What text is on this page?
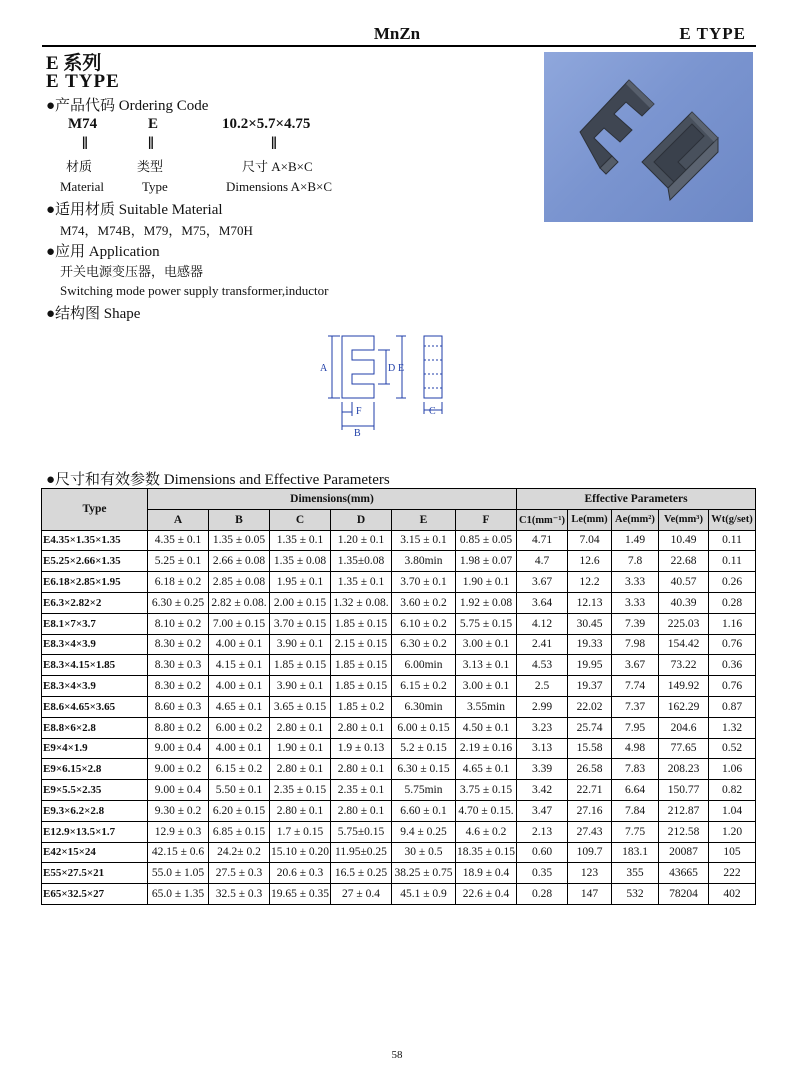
MnZn	E TYPE
E 系列
E TYPE
●产品代码 Ordering Code
M74	E	10.2×5.7×4.75
‖	‖	‖
材质	类型	尺寸 A×B×C
Material	Type	Dimensions A×B×C
●适用材质 Suitable Material
M74，M74B，M79，M75，M70H
●应用 Application
开关电源变压器，电感器
Switching mode power supply transformer,inductor
●结构图 Shape
A
B
C
D E
F
●尺寸和有效参数 Dimensions and Effective Parameters
Type	Dimensions(mm)						Effective Parameters				
	A	B	C	D	E	F	C1(mm⁻¹)	Le(mm)	Ae(mm²)	Ve(mm³)	Wt(g/set)
E4.35×1.35×1.35	4.35 ± 0.1	1.35 ± 0.05	1.35 ± 0.1	1.20 ± 0.1	3.15 ± 0.1	0.85 ± 0.05	4.71	7.04	1.49	10.49	0.11
E5.25×2.66×1.35	5.25 ± 0.1	2.66 ± 0.08	1.35 ± 0.08	1.35±0.08	3.80min	1.98 ± 0.07	4.7	12.6	7.8	22.68	0.11
E6.18×2.85×1.95	6.18 ± 0.2	2.85 ± 0.08	1.95 ± 0.1	1.35 ± 0.1	3.70 ± 0.1	1.90 ± 0.1	3.67	12.2	3.33	40.57	0.26
E6.3×2.82×2	6.30 ± 0.25	2.82 ± 0.08.	2.00 ± 0.15	1.32 ± 0.08.	3.60 ± 0.2	1.92 ± 0.08	3.64	12.13	3.33	40.39	0.28
E8.1×7×3.7	8.10 ± 0.2	7.00 ± 0.15	3.70 ± 0.15	1.85 ± 0.15	6.10 ± 0.2	5.75 ± 0.15	4.12	30.45	7.39	225.03	1.16
E8.3×4×3.9	8.30 ± 0.2	4.00 ± 0.1	3.90 ± 0.1	2.15 ± 0.15	6.30 ± 0.2	3.00 ± 0.1	2.41	19.33	7.98	154.42	0.76
E8.3×4.15×1.85	8.30 ± 0.3	4.15 ± 0.1	1.85 ± 0.15	1.85 ± 0.15	6.00min	3.13 ± 0.1	4.53	19.95	3.67	73.22	0.36
E8.3×4×3.9	8.30 ± 0.2	4.00 ± 0.1	3.90 ± 0.1	1.85 ± 0.15	6.15 ± 0.2	3.00 ± 0.1	2.5	19.37	7.74	149.92	0.76
E8.6×4.65×3.65	8.60 ± 0.3	4.65 ± 0.1	3.65 ± 0.15	1.85 ± 0.2	6.30min	3.55min	2.99	22.02	7.37	162.29	0.87
E8.8×6×2.8	8.80 ± 0.2	6.00 ± 0.2	2.80 ± 0.1	2.80 ± 0.1	6.00 ± 0.15	4.50 ± 0.1	3.23	25.74	7.95	204.6	1.32
E9×4×1.9	9.00 ± 0.4	4.00 ± 0.1	1.90 ± 0.1	1.9 ± 0.13	5.2 ± 0.15	2.19 ± 0.16	3.13	15.58	4.98	77.65	0.52
E9×6.15×2.8	9.00 ± 0.2	6.15 ± 0.2	2.80 ± 0.1	2.80 ± 0.1	6.30 ± 0.15	4.65 ± 0.1	3.39	26.58	7.83	208.23	1.06
E9×5.5×2.35	9.00 ± 0.4	5.50 ± 0.1	2.35 ± 0.15	2.35 ± 0.1	5.75min	3.75 ± 0.15	3.42	22.71	6.64	150.77	0.82
E9.3×6.2×2.8	9.30 ± 0.2	6.20 ± 0.15	2.80 ± 0.1	2.80 ± 0.1	6.60 ± 0.1	4.70 ± 0.15.	3.47	27.16	7.84	212.87	1.04
E12.9×13.5×1.7	12.9 ± 0.3	6.85 ± 0.15	1.7 ± 0.15	5.75±0.15	9.4 ± 0.25	4.6 ± 0.2	2.13	27.43	7.75	212.58	1.20
E42×15×24	42.15 ± 0.6	24.2± 0.2	15.10 ± 0.20	11.95±0.25	30 ± 0.5	18.35 ± 0.15	0.60	109.7	183.1	20087	105
E55×27.5×21	55.0 ± 1.05	27.5 ± 0.3	20.6 ± 0.3	16.5 ± 0.25	38.25 ± 0.75	18.9 ± 0.4	0.35	123	355	43665	222
E65×32.5×27	65.0 ± 1.35	32.5 ± 0.3	19.65 ± 0.35	27 ± 0.4	45.1 ± 0.9	22.6 ± 0.4	0.28	147	532	78204	402
58
